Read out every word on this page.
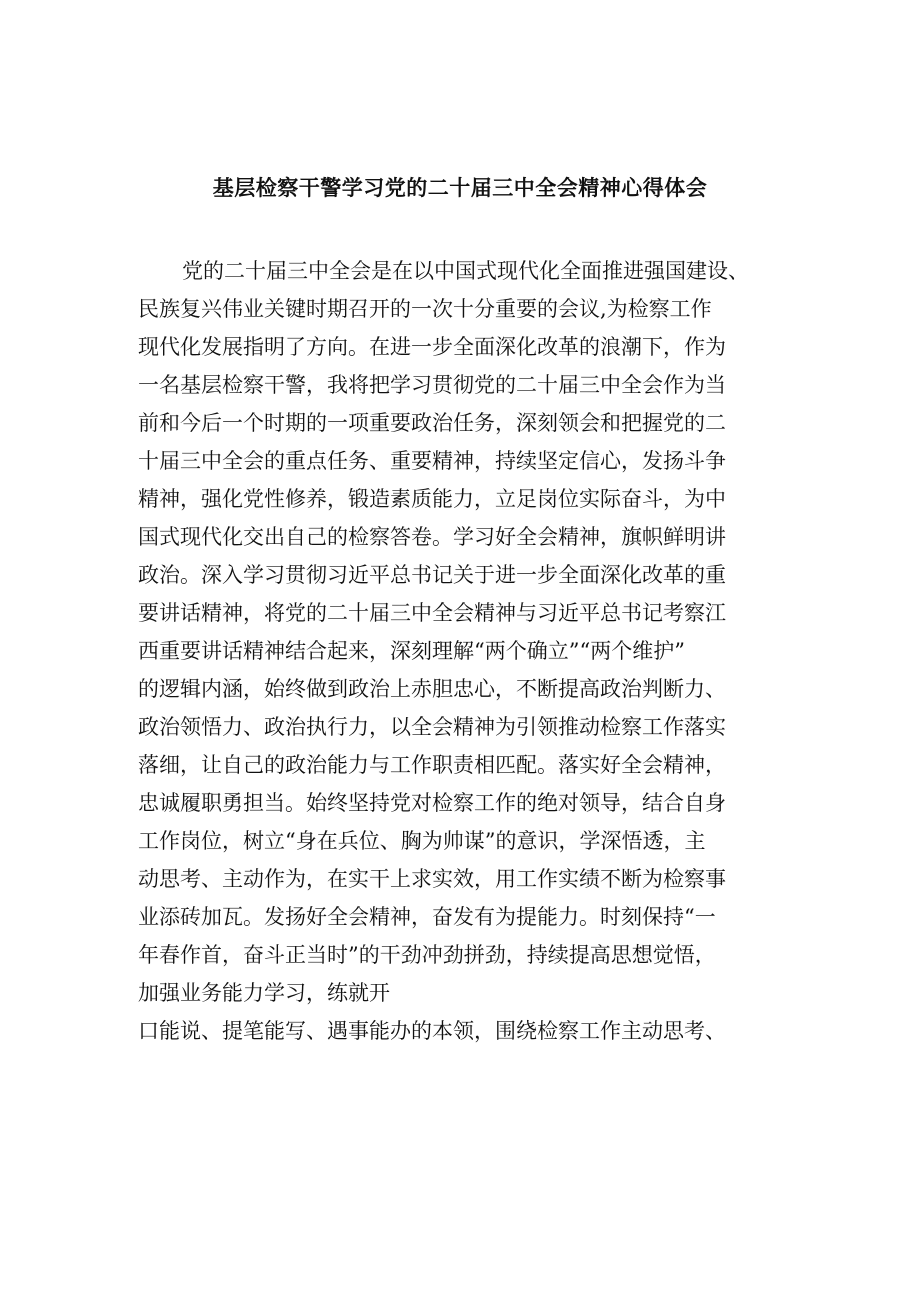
基层检察干警学习党的二十届三中全会精神心得体会
党的二十届三中全会是在以中国式现代化全面推进强国建设、
民族复兴伟业关键时期召开的一次十分重要的会议,为检察工作
现代化发展指明了方向。在进一步全面深化改革的浪潮下，作为
一名基层检察干警，我将把学习贯彻党的二十届三中全会作为当
前和今后一个时期的一项重要政治任务，深刻领会和把握党的二
十届三中全会的重点任务、重要精神，持续坚定信心，发扬斗争
精神，强化党性修养，锻造素质能力，立足岗位实际奋斗，为中
国式现代化交出自己的检察答卷。学习好全会精神，旗帜鲜明讲
政治。深入学习贯彻习近平总书记关于进一步全面深化改革的重
要讲话精神，将党的二十届三中全会精神与习近平总书记考察江
西重要讲话精神结合起来，深刻理解“两个确立”“两个维护”
的逻辑内涵，始终做到政治上赤胆忠心，不断提高政治判断力、
政治领悟力、政治执行力，以全会精神为引领推动检察工作落实
落细，让自己的政治能力与工作职责相匹配。落实好全会精神，
忠诚履职勇担当。始终坚持党对检察工作的绝对领导，结合自身
工作岗位，树立“身在兵位、胸为帅谋”的意识，学深悟透，主
动思考、主动作为，在实干上求实效，用工作实绩不断为检察事
业添砖加瓦。发扬好全会精神，奋发有为提能力。时刻保持“一
年春作首，奋斗正当时”的干劲冲劲拼劲，持续提高思想觉悟，
加强业务能力学习，练就开
口能说、提笔能写、遇事能办的本领，围绕检察工作主动思考、
